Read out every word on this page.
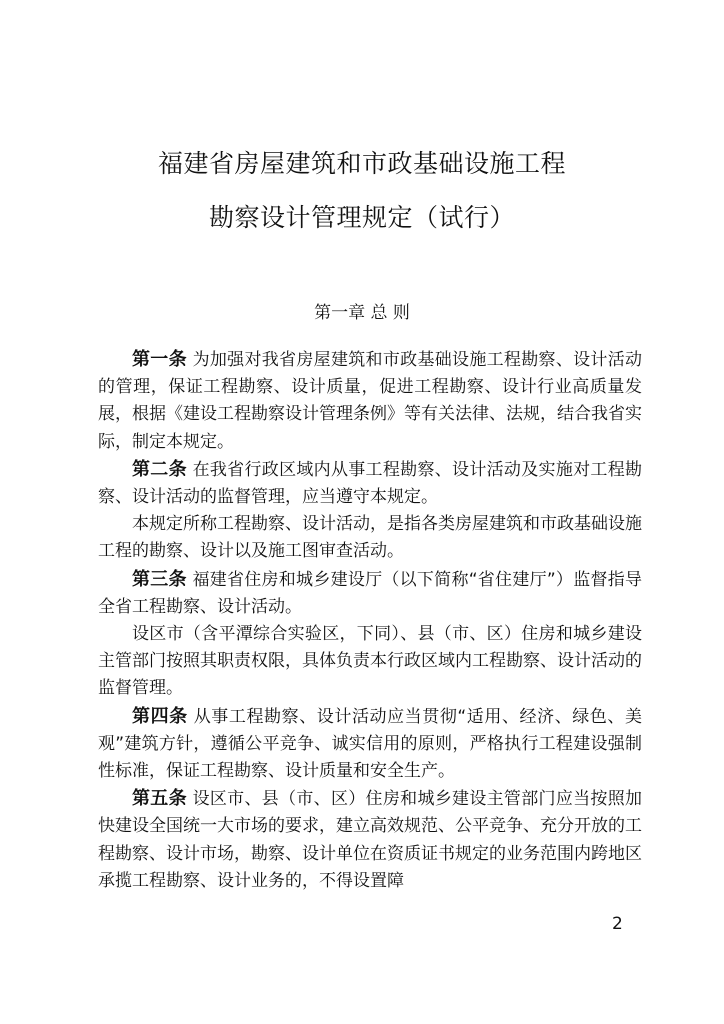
福建省房屋建筑和市政基础设施工程
勘察设计管理规定（试行）
第一章 总 则

第一条 为加强对我省房屋建筑和市政基础设施工程勘察、设计活动的管理，保证工程勘察、设计质量，促进工程勘察、设计行业高质量发展，根据《建设工程勘察设计管理条例》等有关法律、法规，结合我省实际，制定本规定。

第二条 在我省行政区域内从事工程勘察、设计活动及实施对工程勘察、设计活动的监督管理，应当遵守本规定。

本规定所称工程勘察、设计活动，是指各类房屋建筑和市政基础设施工程的勘察、设计以及施工图审查活动。

第三条 福建省住房和城乡建设厅（以下简称“省住建厅”）监督指导全省工程勘察、设计活动。

设区市（含平潭综合实验区，下同）、县（市、区）住房和城乡建设主管部门按照其职责权限，具体负责本行政区域内工程勘察、设计活动的监督管理。

第四条 从事工程勘察、设计活动应当贯彻“适用、经济、绿色、美观”建筑方针，遵循公平竞争、诚实信用的原则，严格执行工程建设强制性标准，保证工程勘察、设计质量和安全生产。

第五条 设区市、县（市、区）住房和城乡建设主管部门应当按照加快建设全国统一大市场的要求，建立高效规范、公平竞争、充分开放的工程勘察、设计市场，勘察、设计单位在资质证书规定的业务范围内跨地区承揽工程勘察、设计业务的，不得设置障

2
